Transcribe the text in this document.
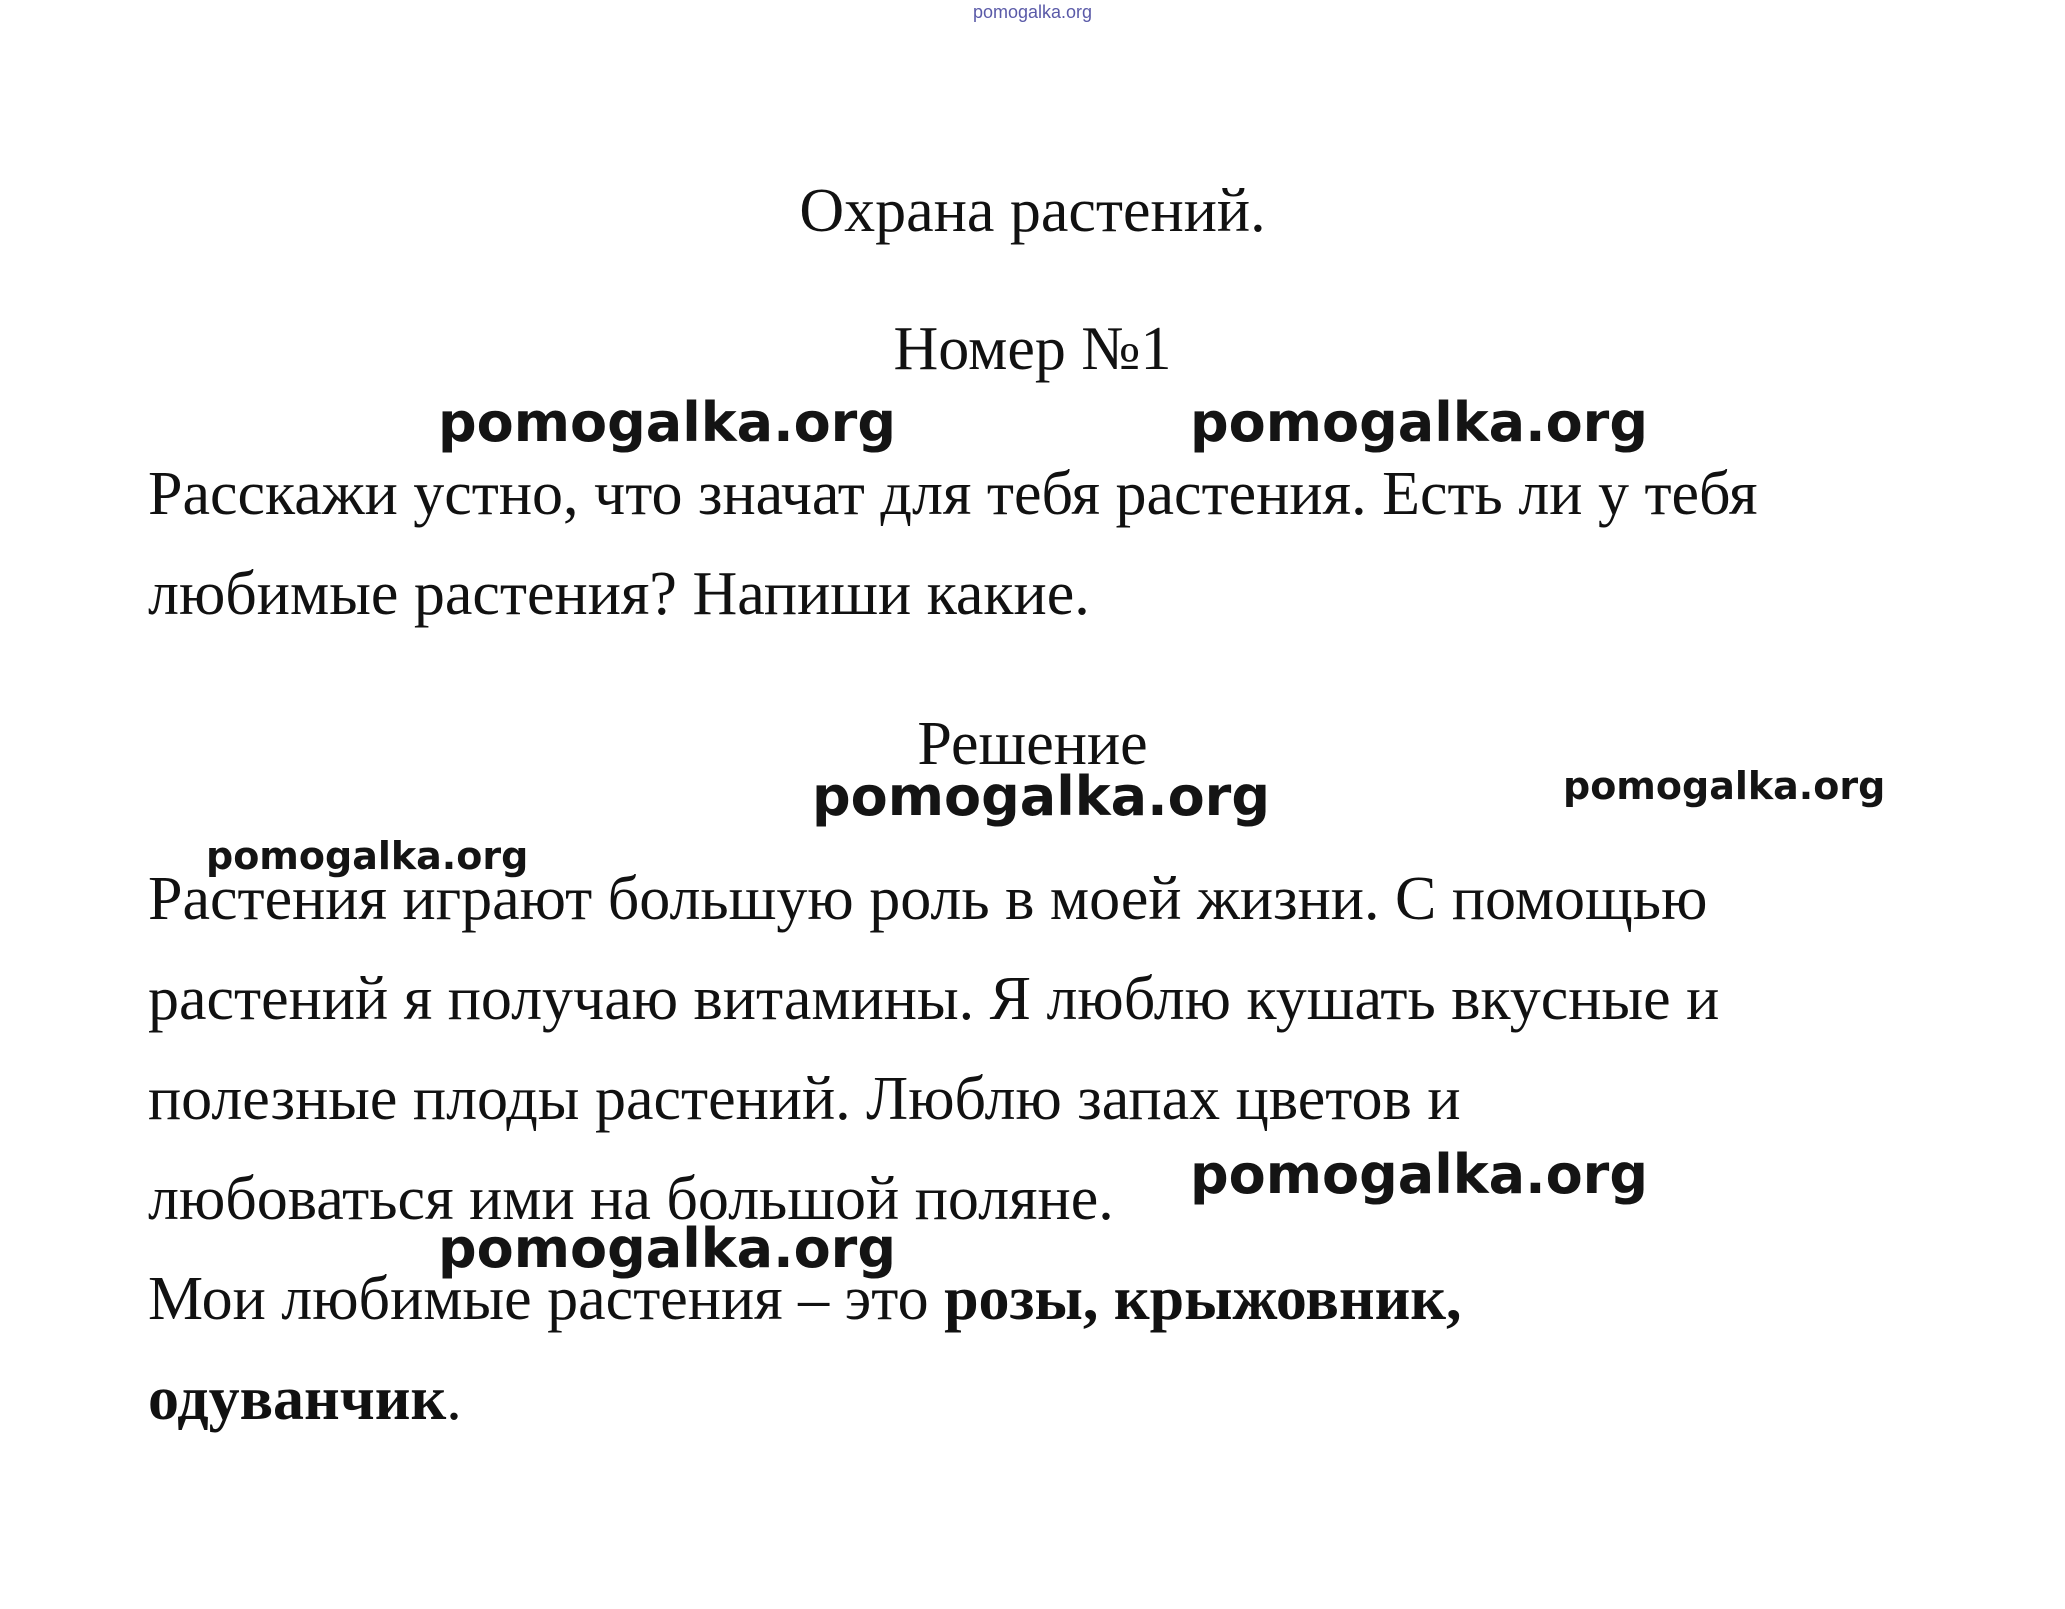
pomogalka.org
Охрана растений.
Номер №1
Расскажи устно, что значат для тебя растения. Есть ли у тебя
любимые растения? Напиши какие.
Решение
Растения играют большую роль в моей жизни. С помощью
растений я получаю витамины. Я люблю кушать вкусные и
полезные плоды растений. Люблю запах цветов и
любоваться ими на большой поляне.
Мои любимые растения – это розы, крыжовник,
одуванчик.
pomogalka.org	pomogalka.org
pomogalka.org	pomogalka.org
pomogalka.org
pomogalka.org
pomogalka.org
